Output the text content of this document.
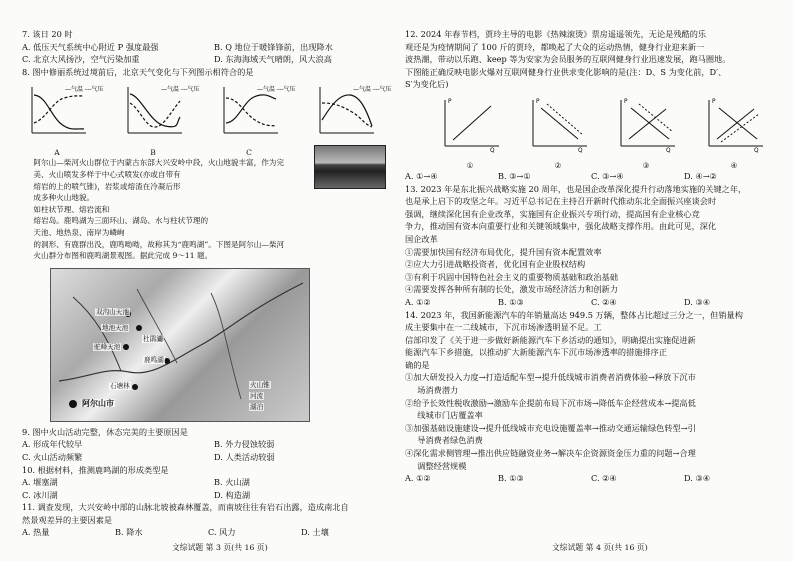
7. 该日 20 时
A. 低压天气系统中心附近 P 强度最强	B. Q 地位于暖锋锋前，出现降水
C. 北京大风扬沙，空气污染加重	D. 东海海域天气晴朗，风大浪高
8. 图中修丽系统过境前后，北京天气变化与下列图示相符合的是
—气温 ---气压
A
—气温 ---气压
B
—气温 ---气压
C
—气温 ---气压
阿尔山—柴河火山群位于内蒙古东部大兴安岭中段，火山地貌丰富，作为完
美、火山喷发多样于中心式喷发(亦或自带有
熔岩的上的喷气锥)，岩浆或熔渣在冷凝后形
成多种火山地貌。
如柱状节理、熔岩流和
熔岩岛。鹿鸣湖为三面环山、湖岛、水与柱状节理的
天池、地热泉、南岸为嶙峋
的洞形、有鹿群出没，鹿鸣呦呦，故称其为“鹿鸣湖”。下图是阿尔山—柴河
火山群分布图和鹿鸣湖景观图。据此完成 9～11 题。
双沟山天池
地池天池
驼峰天池
杜鹃湖
鹿鸣湖
石塘林
阿尔山市
火山锥
河流
湖泊
9. 图中火山活动完整，休态完美的主要原因是
A. 形成年代较早	B. 外力侵蚀较弱
C. 火山活动频繁	D. 人类活动较弱
10. 根据材料，推测鹿鸣湖的形成类型是
A. 堰塞湖	B. 火山湖
C. 冰川湖	D. 构造湖
11. 调查发现，大兴安岭中部的山脉北坡被森林覆盖，而南坡往往有岩石出露，造成南北自
然景观差异的主要因素是
A. 热量	B. 降水	C. 风力	D. 土壤
12. 2024 年春节档，贾玲主导的电影《热辣滚烫》票房遥遥领先，无论是残酷的乐
观还是为疫情期间了 100 斤的贾玲，都唤起了大众的运动热情，健身行业迎来新一
波热潮，带动以乐跑、keep 等为安家为会员服务的互联网健身行业迅速发展，跑马圈地。
下图能正确反映电影火爆对互联网健身行业供求变化影响的是(注：D、S 为变化前，D′、
S′为变化后)
P
Q
①
P
Q
②
P
Q
③
P
Q
④
A. ①→④	B. ③→①	C. ③→④	D. ④→②
13. 2023 年是东北振兴战略实施 20 周年，也是国企改革深化提升行动落地实施的关键之年，
也是承上启下的攻坚之年。习近平总书记在主持召开新时代推动东北全面振兴座谈会时
强调，继续深化国有企业改革，实施国有企业振兴专项行动，提高国有企业核心竞
争力，推动国有资本向重要行业和关键领域集中，强化战略支撑作用。由此可见，深化
国企改革
①需要加快国有经济布局优化，提升国有资本配置效率
②应大力引进战略投资者，优化国有企业股权结构
③有利于巩固中国特色社会主义的重要物质基础和政治基础
④需要发挥各种所有制的长处，激发市场经济活力和创新力
A. ①②	B. ①③	C. ②④	D. ③④
14. 2023 年，我国新能源汽车的年销量高达 949.5 万辆，整体占比超过三分之一，但销量构
成主要集中在一二线城市，下沉市场渗透明显不足。工
信部印发了《关于进一步做好新能源汽车下乡活动的通知》，明确提出实施促进新
能源汽车下乡措施，以推动扩大新能源汽车下沉市场渗透率的措施排序正
确的是
①加大研发投入力度→打造适配车型→提升低线城市消费者消费体验→释放下沉市
场消费潜力
②给予长效性税收激励→激励车企提前布局下沉市场→降低车企经营成本→提高低
线城市门店覆盖率
③加强基础设施建设→提升低线城市充电设施覆盖率→推动交通运输绿色转型→引
导消费者绿色消费
④深化需求侧管理→推出供应链融资业务→解决车企资源资金压力重的问题→合理
调整经营规模
A. ①②	B. ①③	C. ②④	D. ③④
文综试题 第 3 页(共 16 页)	文综试题 第 4 页(共 16 页)
